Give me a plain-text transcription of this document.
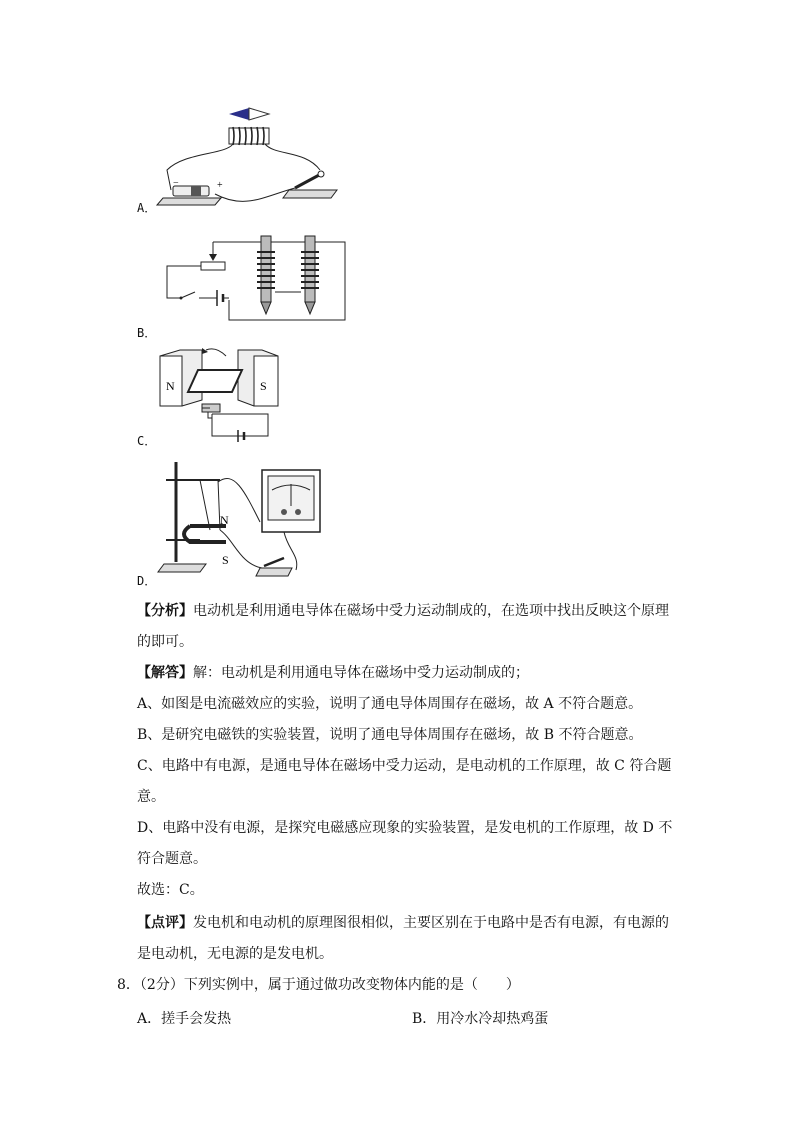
−	+
A．
B．
N	S
C．
N
S
D．
【分析】电动机是利用通电导体在磁场中受力运动制成的，在选项中找出反映这个原理
的即可。
【解答】解：电动机是利用通电导体在磁场中受力运动制成的；
A、如图是电流磁效应的实验，说明了通电导体周围存在磁场，故 A 不符合题意。
B、是研究电磁铁的实验装置，说明了通电导体周围存在磁场，故 B 不符合题意。
C、电路中有电源，是通电导体在磁场中受力运动，是电动机的工作原理，故 C 符合题
意。
D、电路中没有电源，是探究电磁感应现象的实验装置，是发电机的工作原理，故 D 不
符合题意。
故选：C。
【点评】发电机和电动机的原理图很相似，主要区别在于电路中是否有电源，有电源的
是电动机，无电源的是发电机。
8．（2分）下列实例中，属于通过做功改变物体内能的是（　　）
A．搓手会发热	B．用冷水冷却热鸡蛋
